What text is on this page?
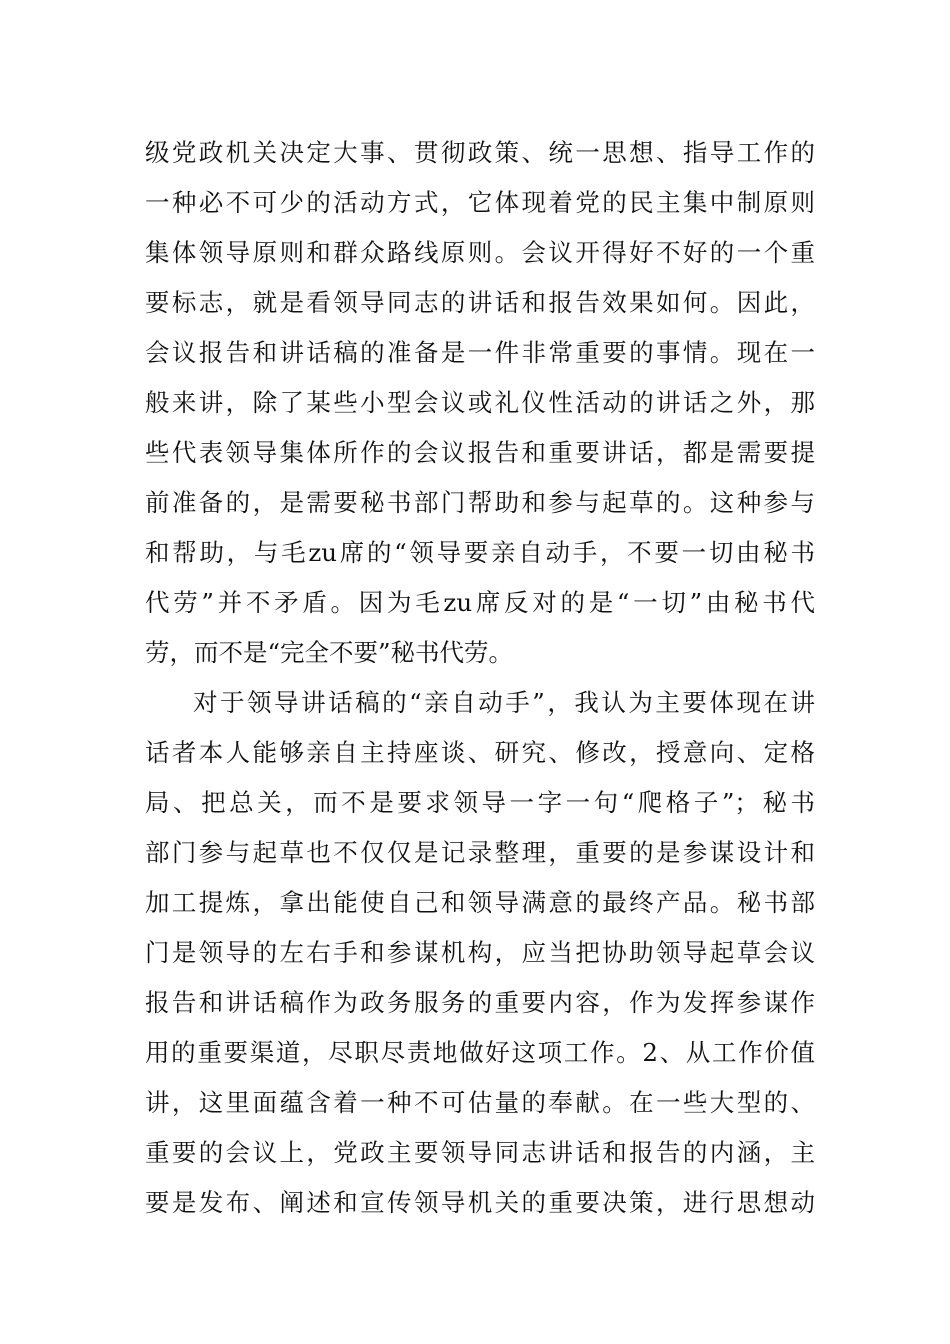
级党政机关决定大事、贯彻政策、统一思想、指导工作的
一种必不可少的活动方式，它体现着党的民主集中制原则
集体领导原则和群众路线原则。会议开得好不好的一个重
要标志，就是看领导同志的讲话和报告效果如何。因此，
会议报告和讲话稿的准备是一件非常重要的事情。现在一
般来讲，除了某些小型会议或礼仪性活动的讲话之外，那
些代表领导集体所作的会议报告和重要讲话，都是需要提
前准备的，是需要秘书部门帮助和参与起草的。这种参与
和帮助，与毛zu席的“领导要亲自动手，不要一切由秘书
代劳”并不矛盾。因为毛zu席反对的是“一切”由秘书代
劳，而不是“完全不要”秘书代劳。
对于领导讲话稿的“亲自动手”，我认为主要体现在讲
话者本人能够亲自主持座谈、研究、修改，授意向、定格
局、把总关，而不是要求领导一字一句“爬格子”；秘书
部门参与起草也不仅仅是记录整理，重要的是参谋设计和
加工提炼，拿出能使自己和领导满意的最终产品。秘书部
门是领导的左右手和参谋机构，应当把协助领导起草会议
报告和讲话稿作为政务服务的重要内容，作为发挥参谋作
用的重要渠道，尽职尽责地做好这项工作。2、从工作价值
讲，这里面蕴含着一种不可估量的奉献。在一些大型的、
重要的会议上，党政主要领导同志讲话和报告的内涵，主
要是发布、阐述和宣传领导机关的重要决策，进行思想动
